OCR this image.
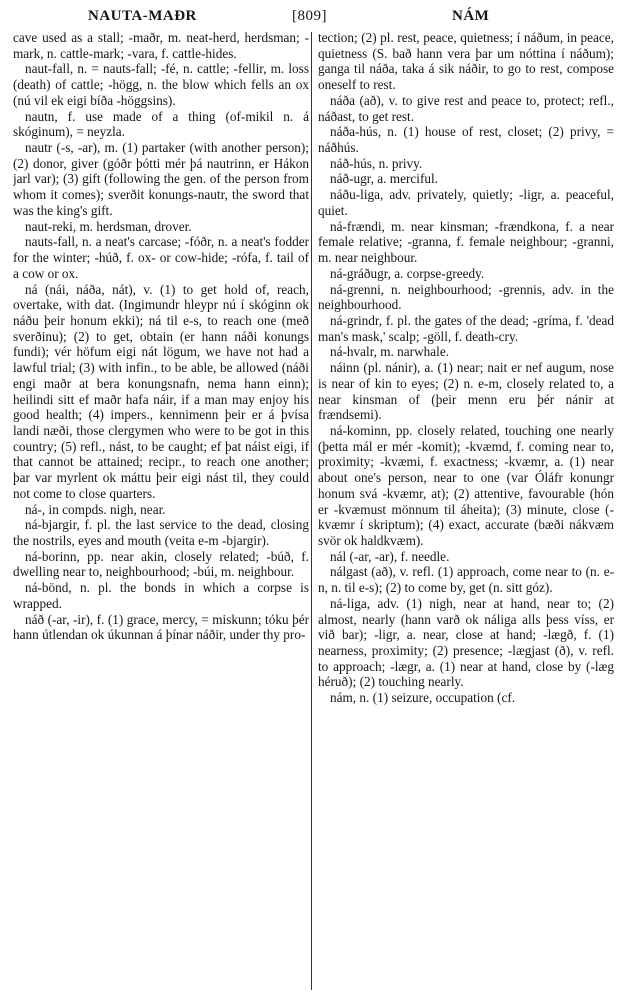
NAUTA-MAÐR	[809]	NÁM

cave used as a stall; -maðr, m. neat-herd, herdsman; -mark, n. cattle-mark; -vara, f. cattle-hides.

naut-fall, n. = nauts-fall; -fé, n. cattle; -fellir, m. loss (death) of cattle; -högg, n. the blow which fells an ox (nú vil ek eigi bíða -höggsins).

nautn, f. use made of a thing (of-mikil n. á skóginum), = neyzla.

nautr (-s, -ar), m. (1) partaker (with another person); (2) donor, giver (góðr þótti mér þá nautrinn, er Hákon jarl var); (3) gift (following the gen. of the person from whom it comes); sverðit konungs-nautr, the sword that was the king's gift.

naut-reki, m. herdsman, drover.

nauts-fall, n. a neat's carcase; -fóðr, n. a neat's fodder for the winter; -húð, f. ox- or cow-hide; -rófa, f. tail of a cow or ox.

ná (nái, náða, nát), v. (1) to get hold of, reach, overtake, with dat. (Ingimundr hleypr nú í skóginn ok náðu þeir honum ekki); ná til e-s, to reach one (með sverðinu); (2) to get, obtain (er hann náði konungs fundi); vér höfum eigi nát lögum, we have not had a lawful trial; (3) with infin., to be able, be allowed (náði engi maðr at bera konungsnafn, nema hann einn); heilindi sitt ef maðr hafa náir, if a man may enjoy his good health; (4) impers., kennimenn þeir er á þvísa landi næði, those clergymen who were to be got in this country; (5) refl., nást, to be caught; ef þat náist eigi, if that cannot be attained; recipr., to reach one another; þar var myrlent ok máttu þeir eigi nást til, they could not come to close quarters.

ná-, in compds. nigh, near.

ná-bjargir, f. pl. the last service to the dead, closing the nostrils, eyes and mouth (veita e-m -bjargir).

ná-borinn, pp. near akin, closely related; -búð, f. dwelling near to, neighbourhood; -búi, m. neighbour.

ná-bönd, n. pl. the bonds in which a corpse is wrapped.

náð (-ar, -ir), f. (1) grace, mercy, = miskunn; tóku þér hann útlendan ok úkunnan á þínar náðir, under thy pro-

tection; (2) pl. rest, peace, quietness; í náðum, in peace, quietness (S. bað hann vera þar um nóttina í náðum); ganga til náða, taka á sik náðir, to go to rest, compose oneself to rest.

náða (að), v. to give rest and peace to, protect; refl., náðast, to get rest.

náða-hús, n. (1) house of rest, closet; (2) privy, = náðhús.

náð-hús, n. privy.

náð-ugr, a. merciful.

náðu-liga, adv. privately, quietly; -ligr, a. peaceful, quiet.

ná-frændi, m. near kinsman; -frændkona, f. a near female relative; -granna, f. female neighbour; -granni, m. near neighbour.

ná-gráðugr, a. corpse-greedy.

ná-grenni, n. neighbourhood; -grennis, adv. in the neighbourhood.

ná-grindr, f. pl. the gates of the dead; -gríma, f. 'dead man's mask,' scalp; -göll, f. death-cry.

ná-hvalr, m. narwhale.

náinn (pl. nánir), a. (1) near; nait er nef augum, nose is near of kin to eyes; (2) n. e-m, closely related to, a near kinsman of (þeir menn eru þér nánir at frændsemi).

ná-kominn, pp. closely related, touching one nearly (þetta mál er mér -komit); -kvæmd, f. coming near to, proximity; -kvæmi, f. exactness; -kvæmr, a. (1) near about one's person, near to one (var Óláfr konungr honum svá -kvæmr, at); (2) attentive, favourable (hón er -kvæmust mönnum til áheita); (3) minute, close (-kvæmr í skriptum); (4) exact, accurate (bæði nákvæm svör ok haldkvæm).

nál (-ar, -ar), f. needle.

nálgast (að), v. refl. (1) approach, come near to (n. e-n, n. til e-s); (2) to come by, get (n. sitt góz).

ná-liga, adv. (1) nigh, near at hand, near to; (2) almost, nearly (hann varð ok náliga alls þess víss, er við bar); -ligr, a. near, close at hand; -lægð, f. (1) nearness, proximity; (2) presence; -lægjast (ð), v. refl. to approach; -lægr, a. (1) near at hand, close by (-læg héruð); (2) touching nearly.

nám, n. (1) seizure, occupation (cf.
